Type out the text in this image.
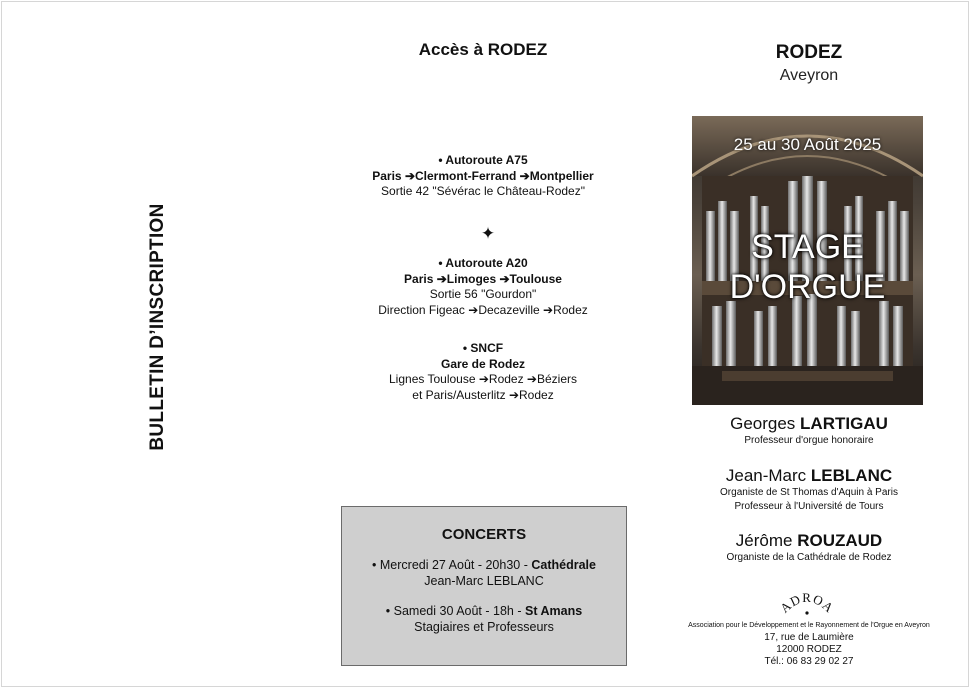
BULLETIN D’INSCRIPTION
Accès à RODEZ
• Autoroute A75
Paris ➔Clermont-Ferrand ➔Montpellier
Sortie 42 "Sévérac le Château-Rodez"
✦
• Autoroute A20
Paris ➔Limoges ➔Toulouse
Sortie 56 "Gourdon"
Direction Figeac ➔Decazeville ➔Rodez
• SNCF
Gare de Rodez
Lignes Toulouse ➔Rodez ➔Béziers
et Paris/Austerlitz ➔Rodez
CONCERTS
• Mercredi 27 Août - 20h30 - Cathédrale
Jean-Marc LEBLANC
• Samedi 30 Août - 18h - St Amans
Stagiaires et Professeurs
RODEZ
Aveyron
25 au 30 Août 2025
STAGE
D'ORGUE
Georges LARTIGAU
Professeur d'orgue honoraire
Jean-Marc LEBLANC
Organiste de St Thomas d'Aquin à Paris
Professeur à l'Université de Tours
Jérôme ROUZAUD
Organiste de la Cathédrale de Rodez
ADROA
Association pour le Développement et le Rayonnement de l'Orgue en Aveyron
17, rue de Laumière
12000 RODEZ
Tél.: 06 83 29 02 27
